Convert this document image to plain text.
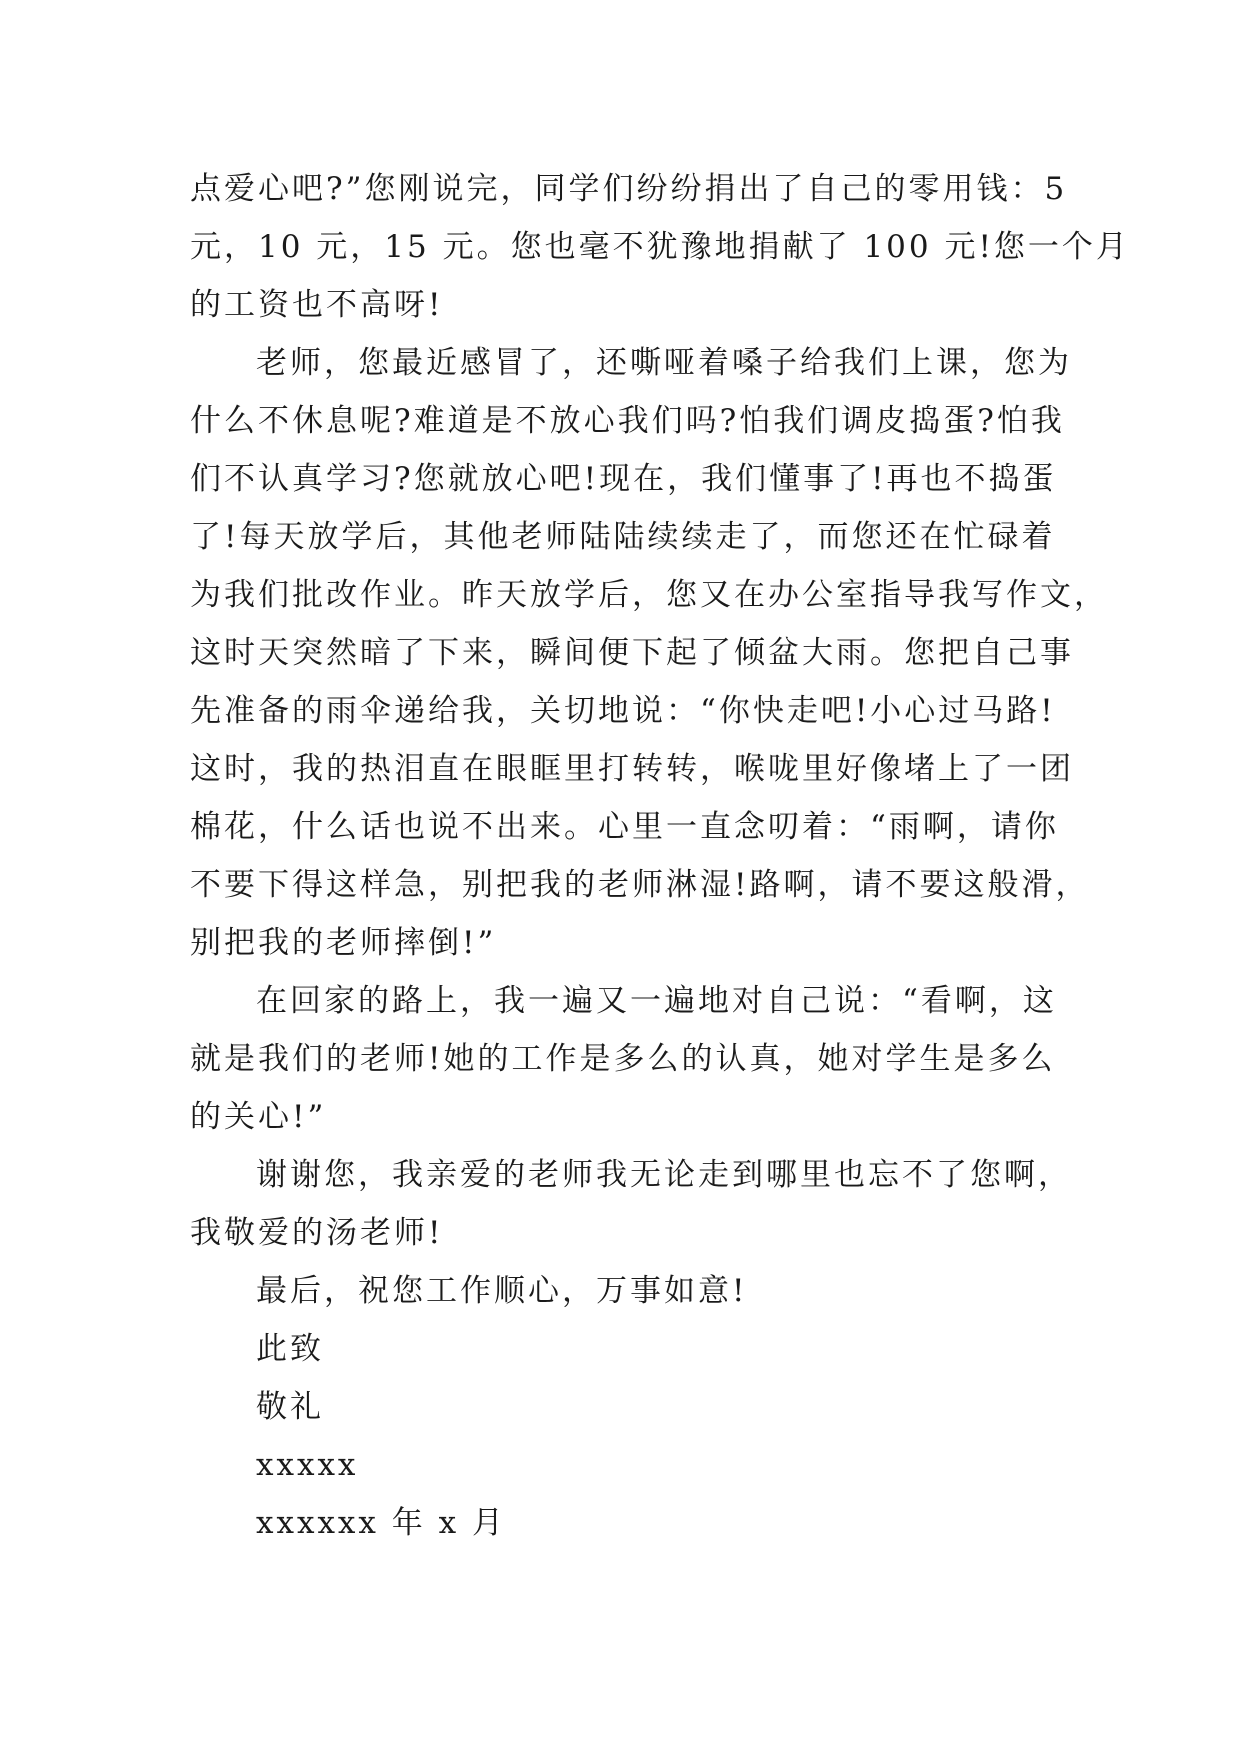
点爱心吧?”您刚说完，同学们纷纷捐出了自己的零用钱：5
元，10 元，15 元。您也毫不犹豫地捐献了 100 元!您一个月
的工资也不高呀!
老师，您最近感冒了，还嘶哑着嗓子给我们上课，您为
什么不休息呢?难道是不放心我们吗?怕我们调皮捣蛋?怕我
们不认真学习?您就放心吧!现在，我们懂事了!再也不捣蛋
了!每天放学后，其他老师陆陆续续走了，而您还在忙碌着
为我们批改作业。昨天放学后，您又在办公室指导我写作文，
这时天突然暗了下来，瞬间便下起了倾盆大雨。您把自己事
先准备的雨伞递给我，关切地说：“你快走吧!小心过马路!
这时，我的热泪直在眼眶里打转转，喉咙里好像堵上了一团
棉花，什么话也说不出来。心里一直念叨着：“雨啊，请你
不要下得这样急，别把我的老师淋湿!路啊，请不要这般滑，
别把我的老师摔倒!”
在回家的路上，我一遍又一遍地对自己说：“看啊，这
就是我们的老师!她的工作是多么的认真，她对学生是多么
的关心!”
谢谢您，我亲爱的老师我无论走到哪里也忘不了您啊，
我敬爱的汤老师!
最后，祝您工作顺心，万事如意!
此致
敬礼
xxxxx
xxxxxx 年 x 月
